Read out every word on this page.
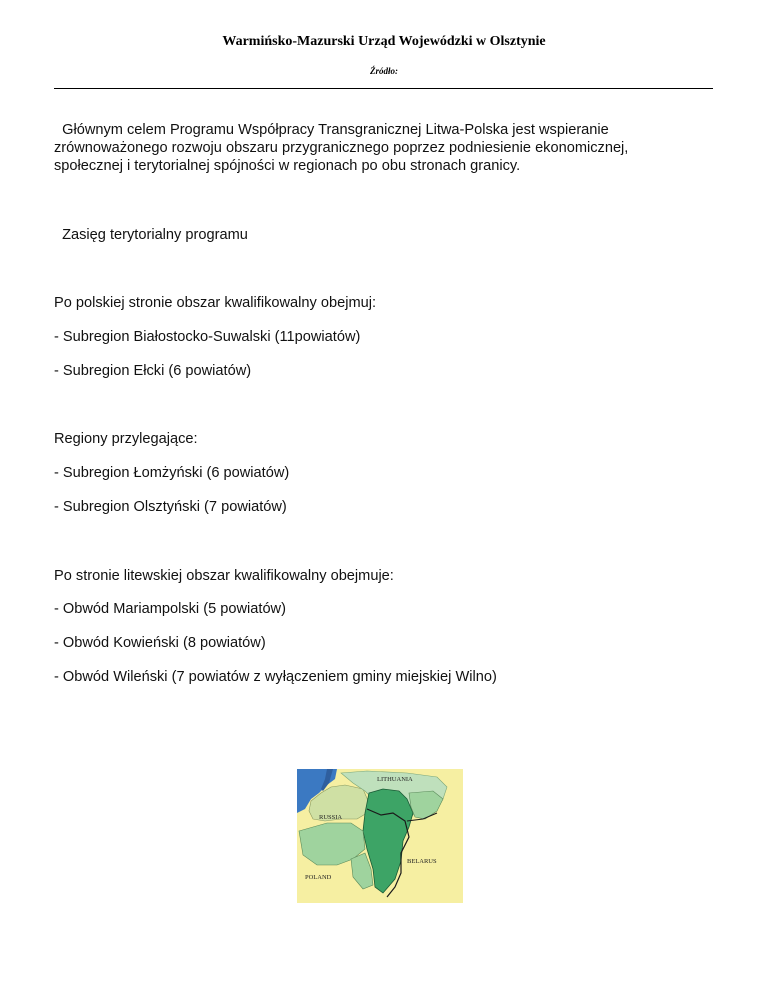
Warmińsko-Mazurski Urząd Wojewódzki w Olsztynie
Źródło:
Głównym celem Programu Współpracy Transgranicznej Litwa-Polska jest wspieranie
zrównoważonego rozwoju obszaru przygranicznego poprzez podniesienie ekonomicznej,
społecznej i terytorialnej spójności w regionach po obu stronach granicy.
Zasięg terytorialny programu
Po polskiej stronie obszar kwalifikowalny obejmuj:
- Subregion Białostocko-Suwalski (11powiatów)
- Subregion Ełcki (6 powiatów)
Regiony przylegające:
- Subregion Łomżyński (6 powiatów)
- Subregion Olsztyński (7 powiatów)
Po stronie litewskiej obszar kwalifikowalny obejmuje:
- Obwód Mariampolski (5 powiatów)
- Obwód Kowieński (8 powiatów)
- Obwód Wileński (7 powiatów z wyłączeniem gminy miejskiej Wilno)
LITHUANIA
RUSSIA
BELARUS
POLAND
